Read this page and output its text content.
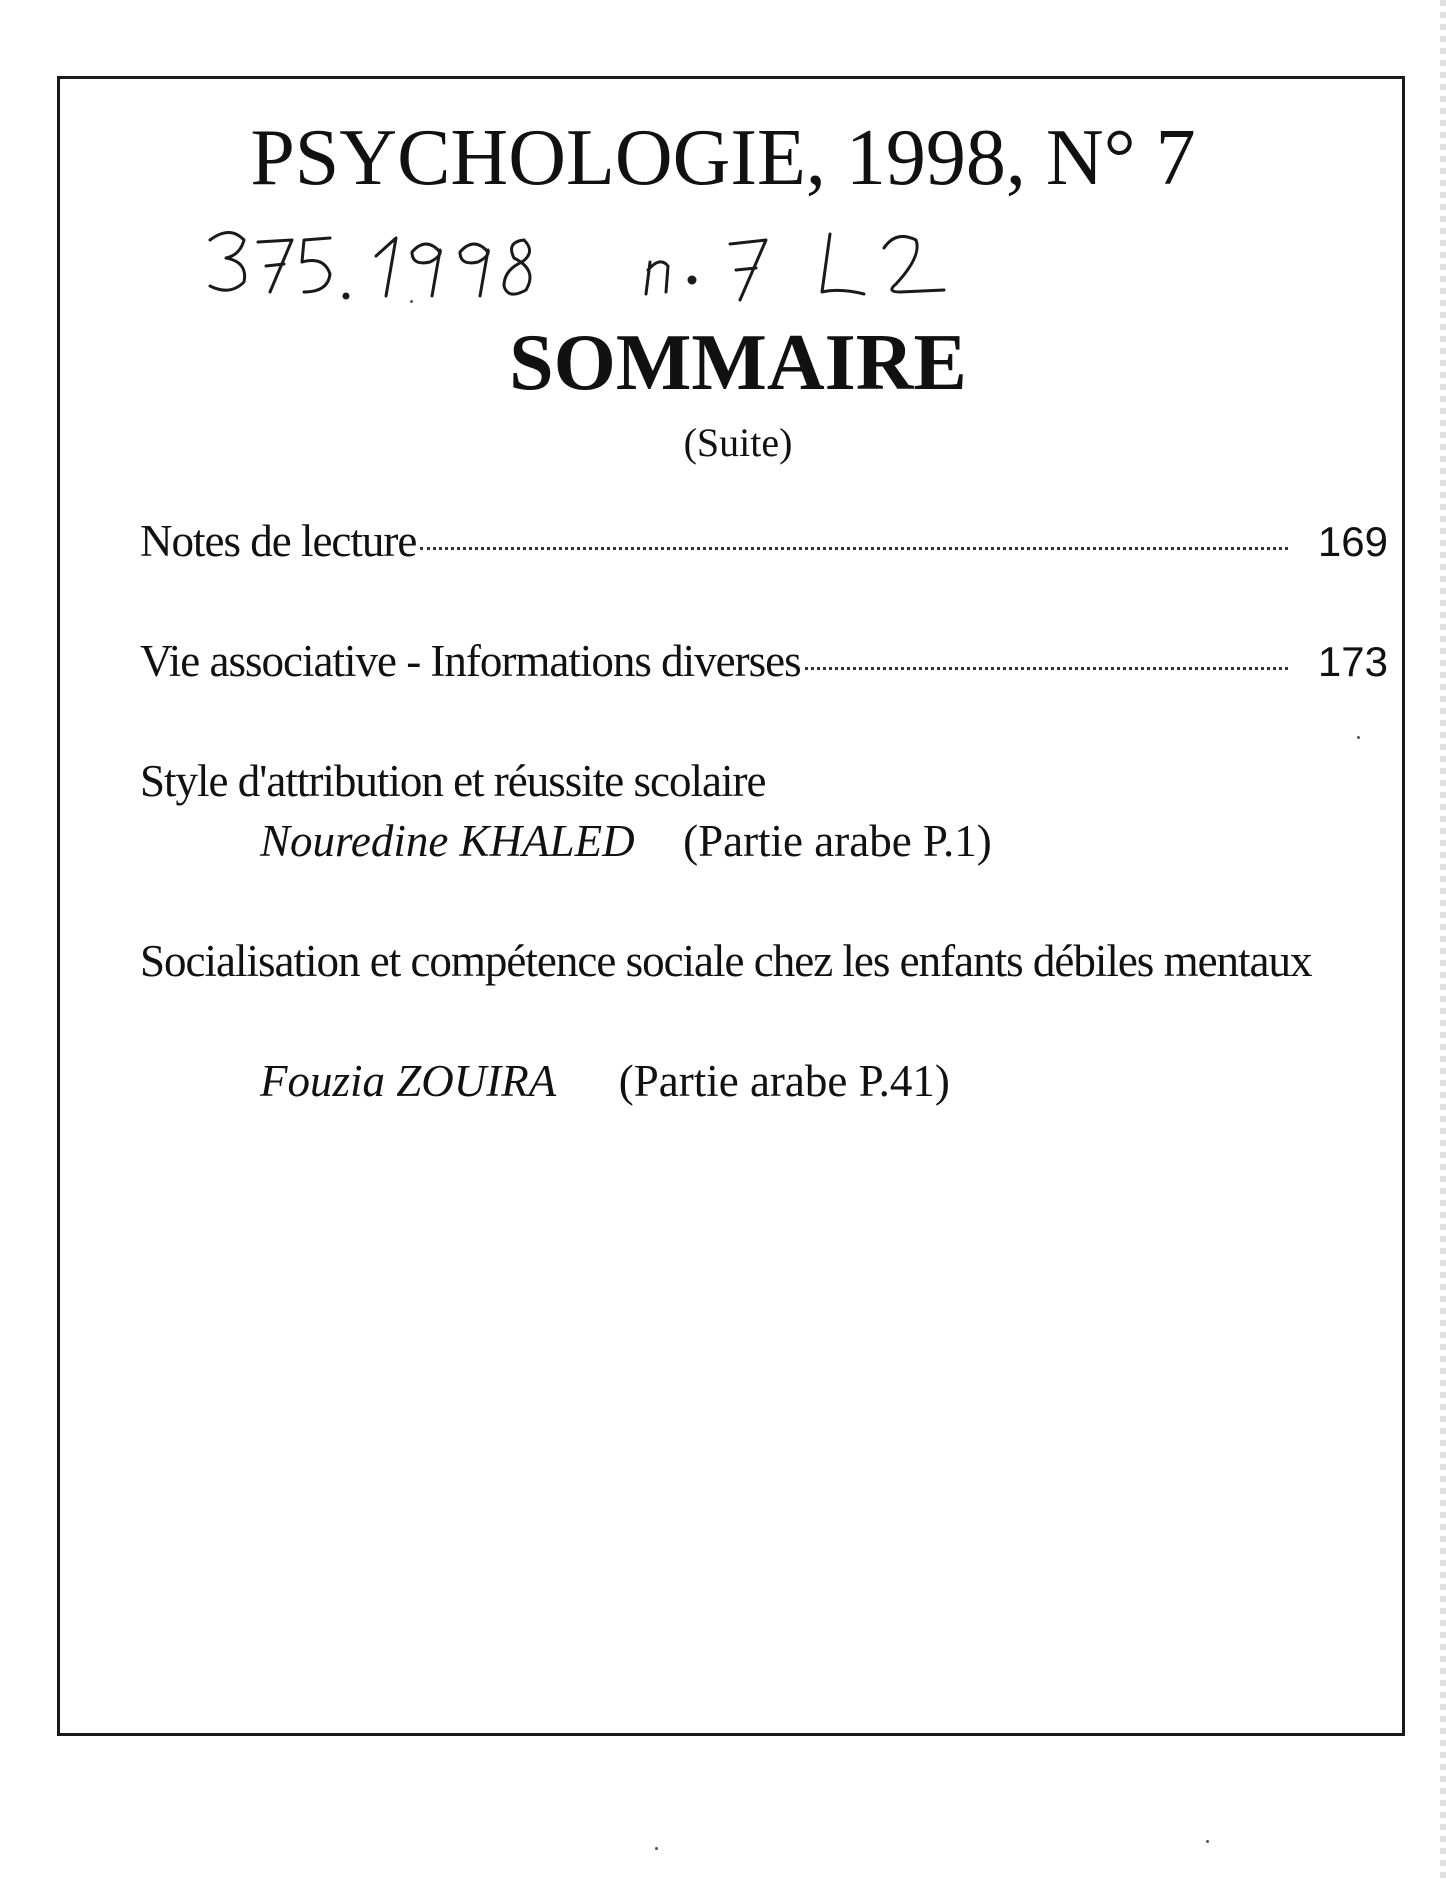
PSYCHOLOGIE, 1998, N° 7
SOMMAIRE
(Suite)
Notes de lecture	169
Vie associative - Informations diverses	173
Style d'attribution et réussite scolaire
Nouredine KHALED (Partie arabe P.1)
Socialisation et compétence sociale chez les enfants débiles mentaux
Fouzia ZOUIRA (Partie arabe P.41)
